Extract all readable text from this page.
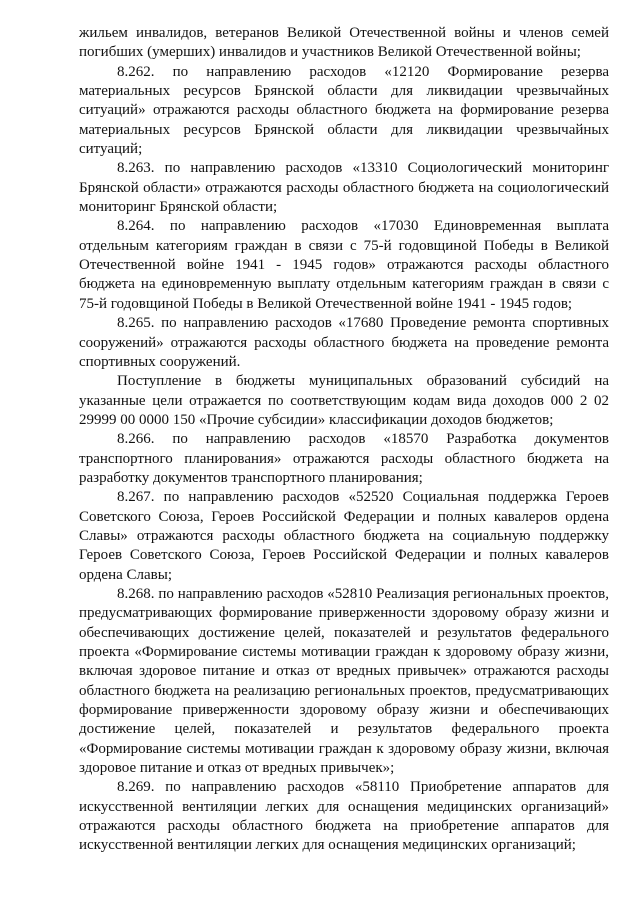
жильем инвалидов, ветеранов Великой Отечественной войны и членов семей погибших (умерших) инвалидов и участников Великой Отечественной войны;

8.262. по направлению расходов «12120 Формирование резерва материальных ресурсов Брянской области для ликвидации чрезвычайных ситуаций» отражаются расходы областного бюджета на формирование резерва материальных ресурсов Брянской области для ликвидации чрезвычайных ситуаций;

8.263. по направлению расходов «13310 Социологический мониторинг Брянской области» отражаются расходы областного бюджета на социологический мониторинг Брянской области;

8.264. по направлению расходов «17030 Единовременная выплата отдельным категориям граждан в связи с 75-й годовщиной Победы в Великой Отечественной войне 1941 - 1945 годов» отражаются расходы областного бюджета на единовременную выплату отдельным категориям граждан в связи с 75-й годовщиной Победы в Великой Отечественной войне 1941 - 1945 годов;

8.265. по направлению расходов «17680 Проведение ремонта спортивных сооружений» отражаются расходы областного бюджета на проведение ремонта спортивных сооружений.

Поступление в бюджеты муниципальных образований субсидий на указанные цели отражается по соответствующим кодам вида доходов 000 2 02 29999 00 0000 150 «Прочие субсидии» классификации доходов бюджетов;

8.266. по направлению расходов «18570 Разработка документов транспортного планирования» отражаются расходы областного бюджета на разработку документов транспортного планирования;

8.267. по направлению расходов «52520 Социальная поддержка Героев Советского Союза, Героев Российской Федерации и полных кавалеров ордена Славы» отражаются расходы областного бюджета на социальную поддержку Героев Советского Союза, Героев Российской Федерации и полных кавалеров ордена Славы;

8.268. по направлению расходов «52810 Реализация региональных проектов, предусматривающих формирование приверженности здоровому образу жизни и обеспечивающих достижение целей, показателей и результатов федерального проекта «Формирование системы мотивации граждан к здоровому образу жизни, включая здоровое питание и отказ от вредных привычек» отражаются расходы областного бюджета на реализацию региональных проектов, предусматривающих формирование приверженности здоровому образу жизни и обеспечивающих достижение целей, показателей и результатов федерального проекта «Формирование системы мотивации граждан к здоровому образу жизни, включая здоровое питание и отказ от вредных привычек»;

8.269. по направлению расходов «58110 Приобретение аппаратов для искусственной вентиляции легких для оснащения медицинских организаций» отражаются расходы областного бюджета на приобретение аппаратов для искусственной вентиляции легких для оснащения медицинских организаций;
